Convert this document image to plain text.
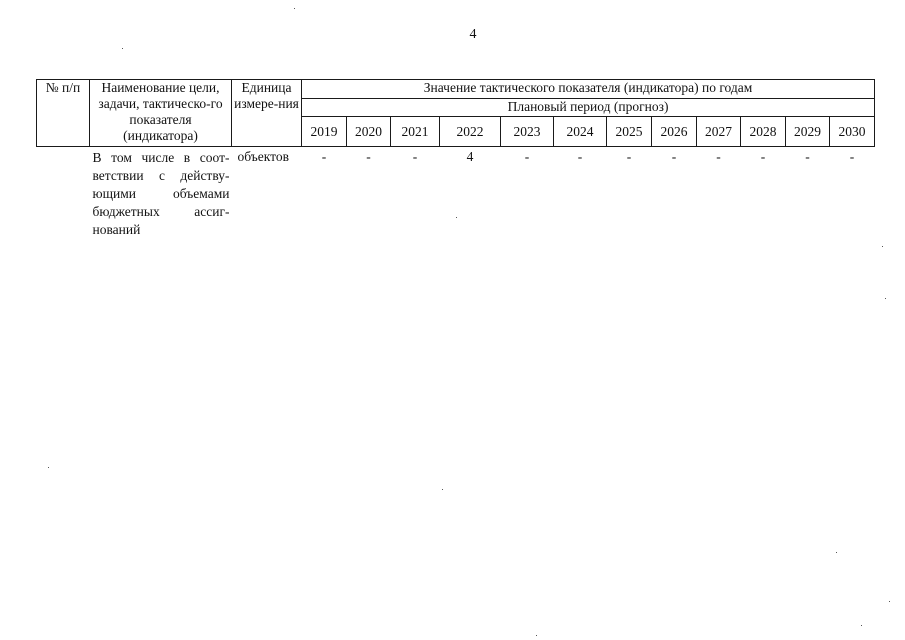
4
№ п/п	Наименование цели, задачи, тактическо-го показателя (индикатора)	Единица измере-ния	Значение тактического показателя (индикатора) по годам											
			Плановый период (прогноз)											
			2019	2020	2021	2022	2023	2024	2025	2026	2027	2028	2029	2030
	В том числе в соот-ветствии с действу-ющими объемами бюджетных ассиг-нований	объектов	-	-	-	4	-	-	-	-	-	-	-	-
